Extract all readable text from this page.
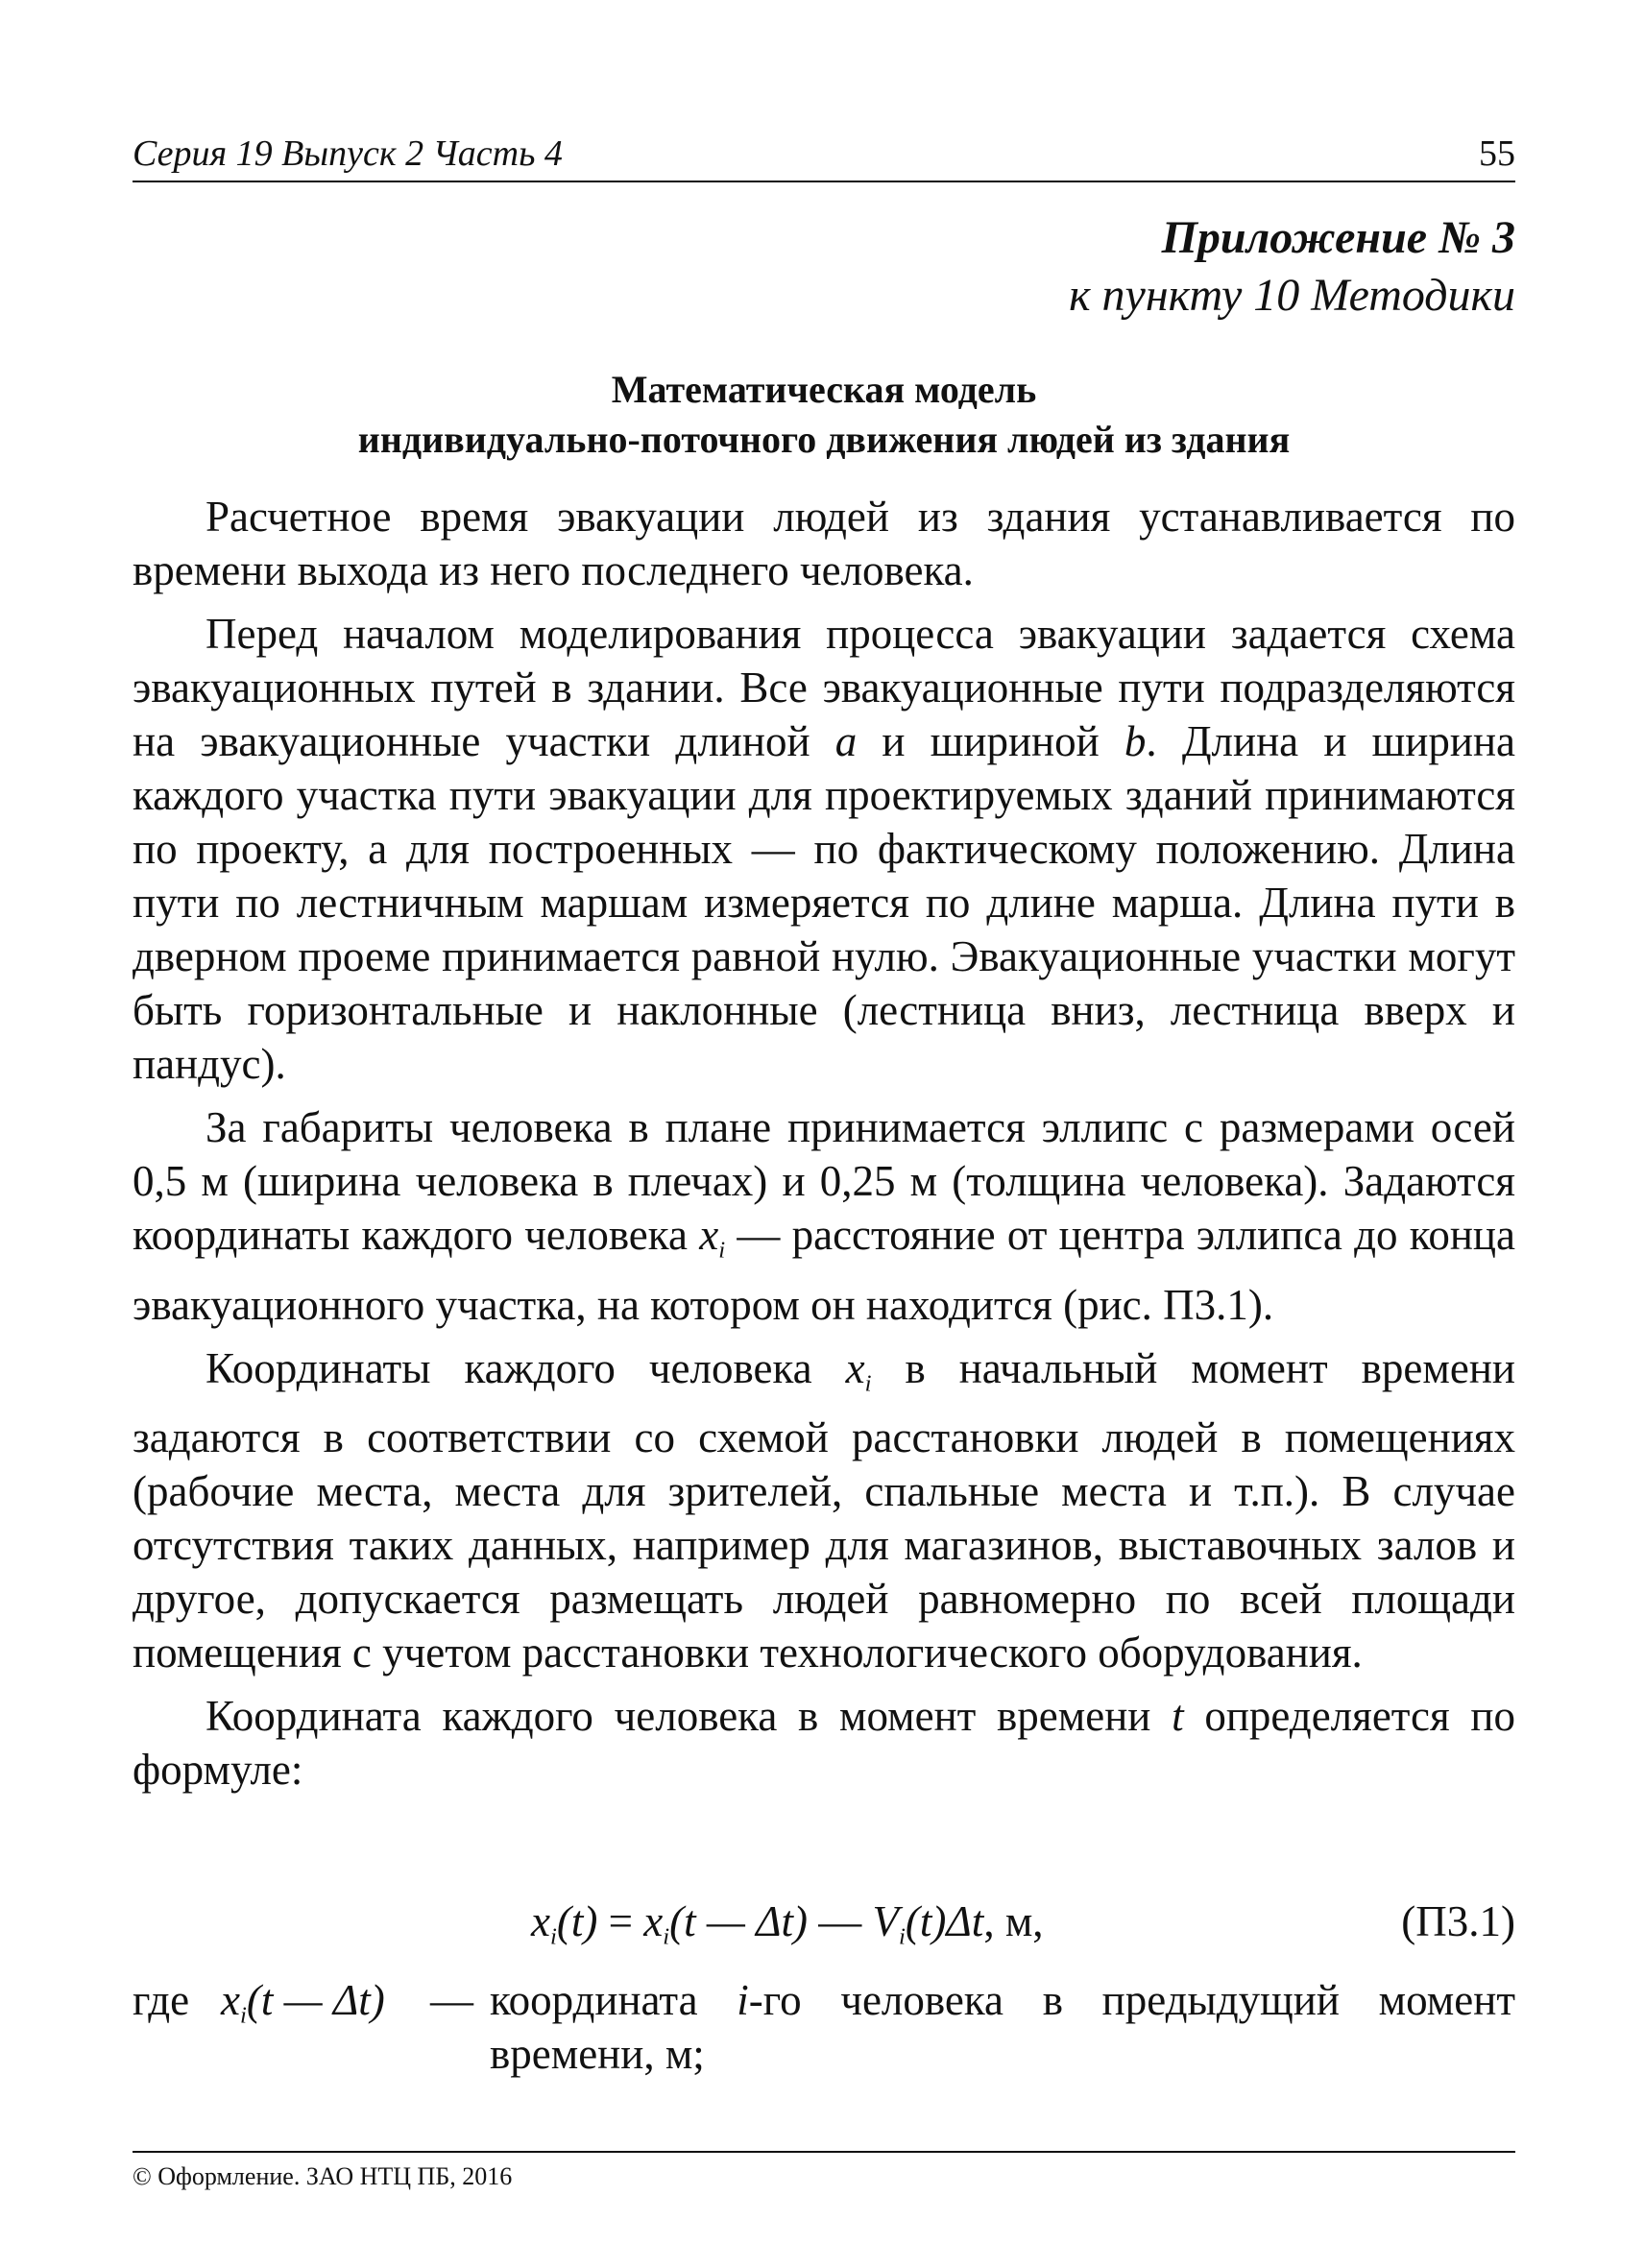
Серия 19 Выпуск 2 Часть 4	55
Приложение № 3
к пункту 10 Методики
Математическая модель
индивидуально-поточного движения людей из здания

Расчетное время эвакуации людей из здания устанавливается по времени выхода из него последнего человека.

Перед началом моделирования процесса эвакуации задается схема эвакуационных путей в здании. Все эвакуационные пути подразделяются на эвакуационные участки длиной a и шириной b. Длина и ширина каждого участка пути эвакуации для проектируемых зданий принимаются по проекту, а для построенных — по фактическому положению. Длина пути по лестничным маршам измеряется по длине марша. Длина пути в дверном проеме принимается равной нулю. Эвакуационные участки могут быть горизонтальные и наклонные (лестница вниз, лестница вверх и пандус).

За габариты человека в плане принимается эллипс с размерами осей 0,5 м (ширина человека в плечах) и 0,25 м (толщина человека). Задаются координаты каждого человека $x_i$ — расстояние от центра эллипса до конца эвакуационного участка, на котором он находится (рис. П3.1).

Координаты каждого человека $x_i$ в начальный момент времени задаются в соответствии со схемой расстановки людей в помещениях (рабочие места, места для зрителей, спальные места и т.п.). В случае отсутствия таких данных, например для магазинов, выставочных залов и другое, допускается размещать людей равномерно по всей площади помещения с учетом расстановки технологического оборудования.

Координата каждого человека в момент времени t определяется по формуле:

$x_i(t) = x_i(t$ — Δt) — $V_i(t)\Delta t$, м,	(П3.1)
где $x_i(t$ — Δt) — координата i-го человека в предыдущий момент времени, м;
© Оформление. ЗАО НТЦ ПБ, 2016
